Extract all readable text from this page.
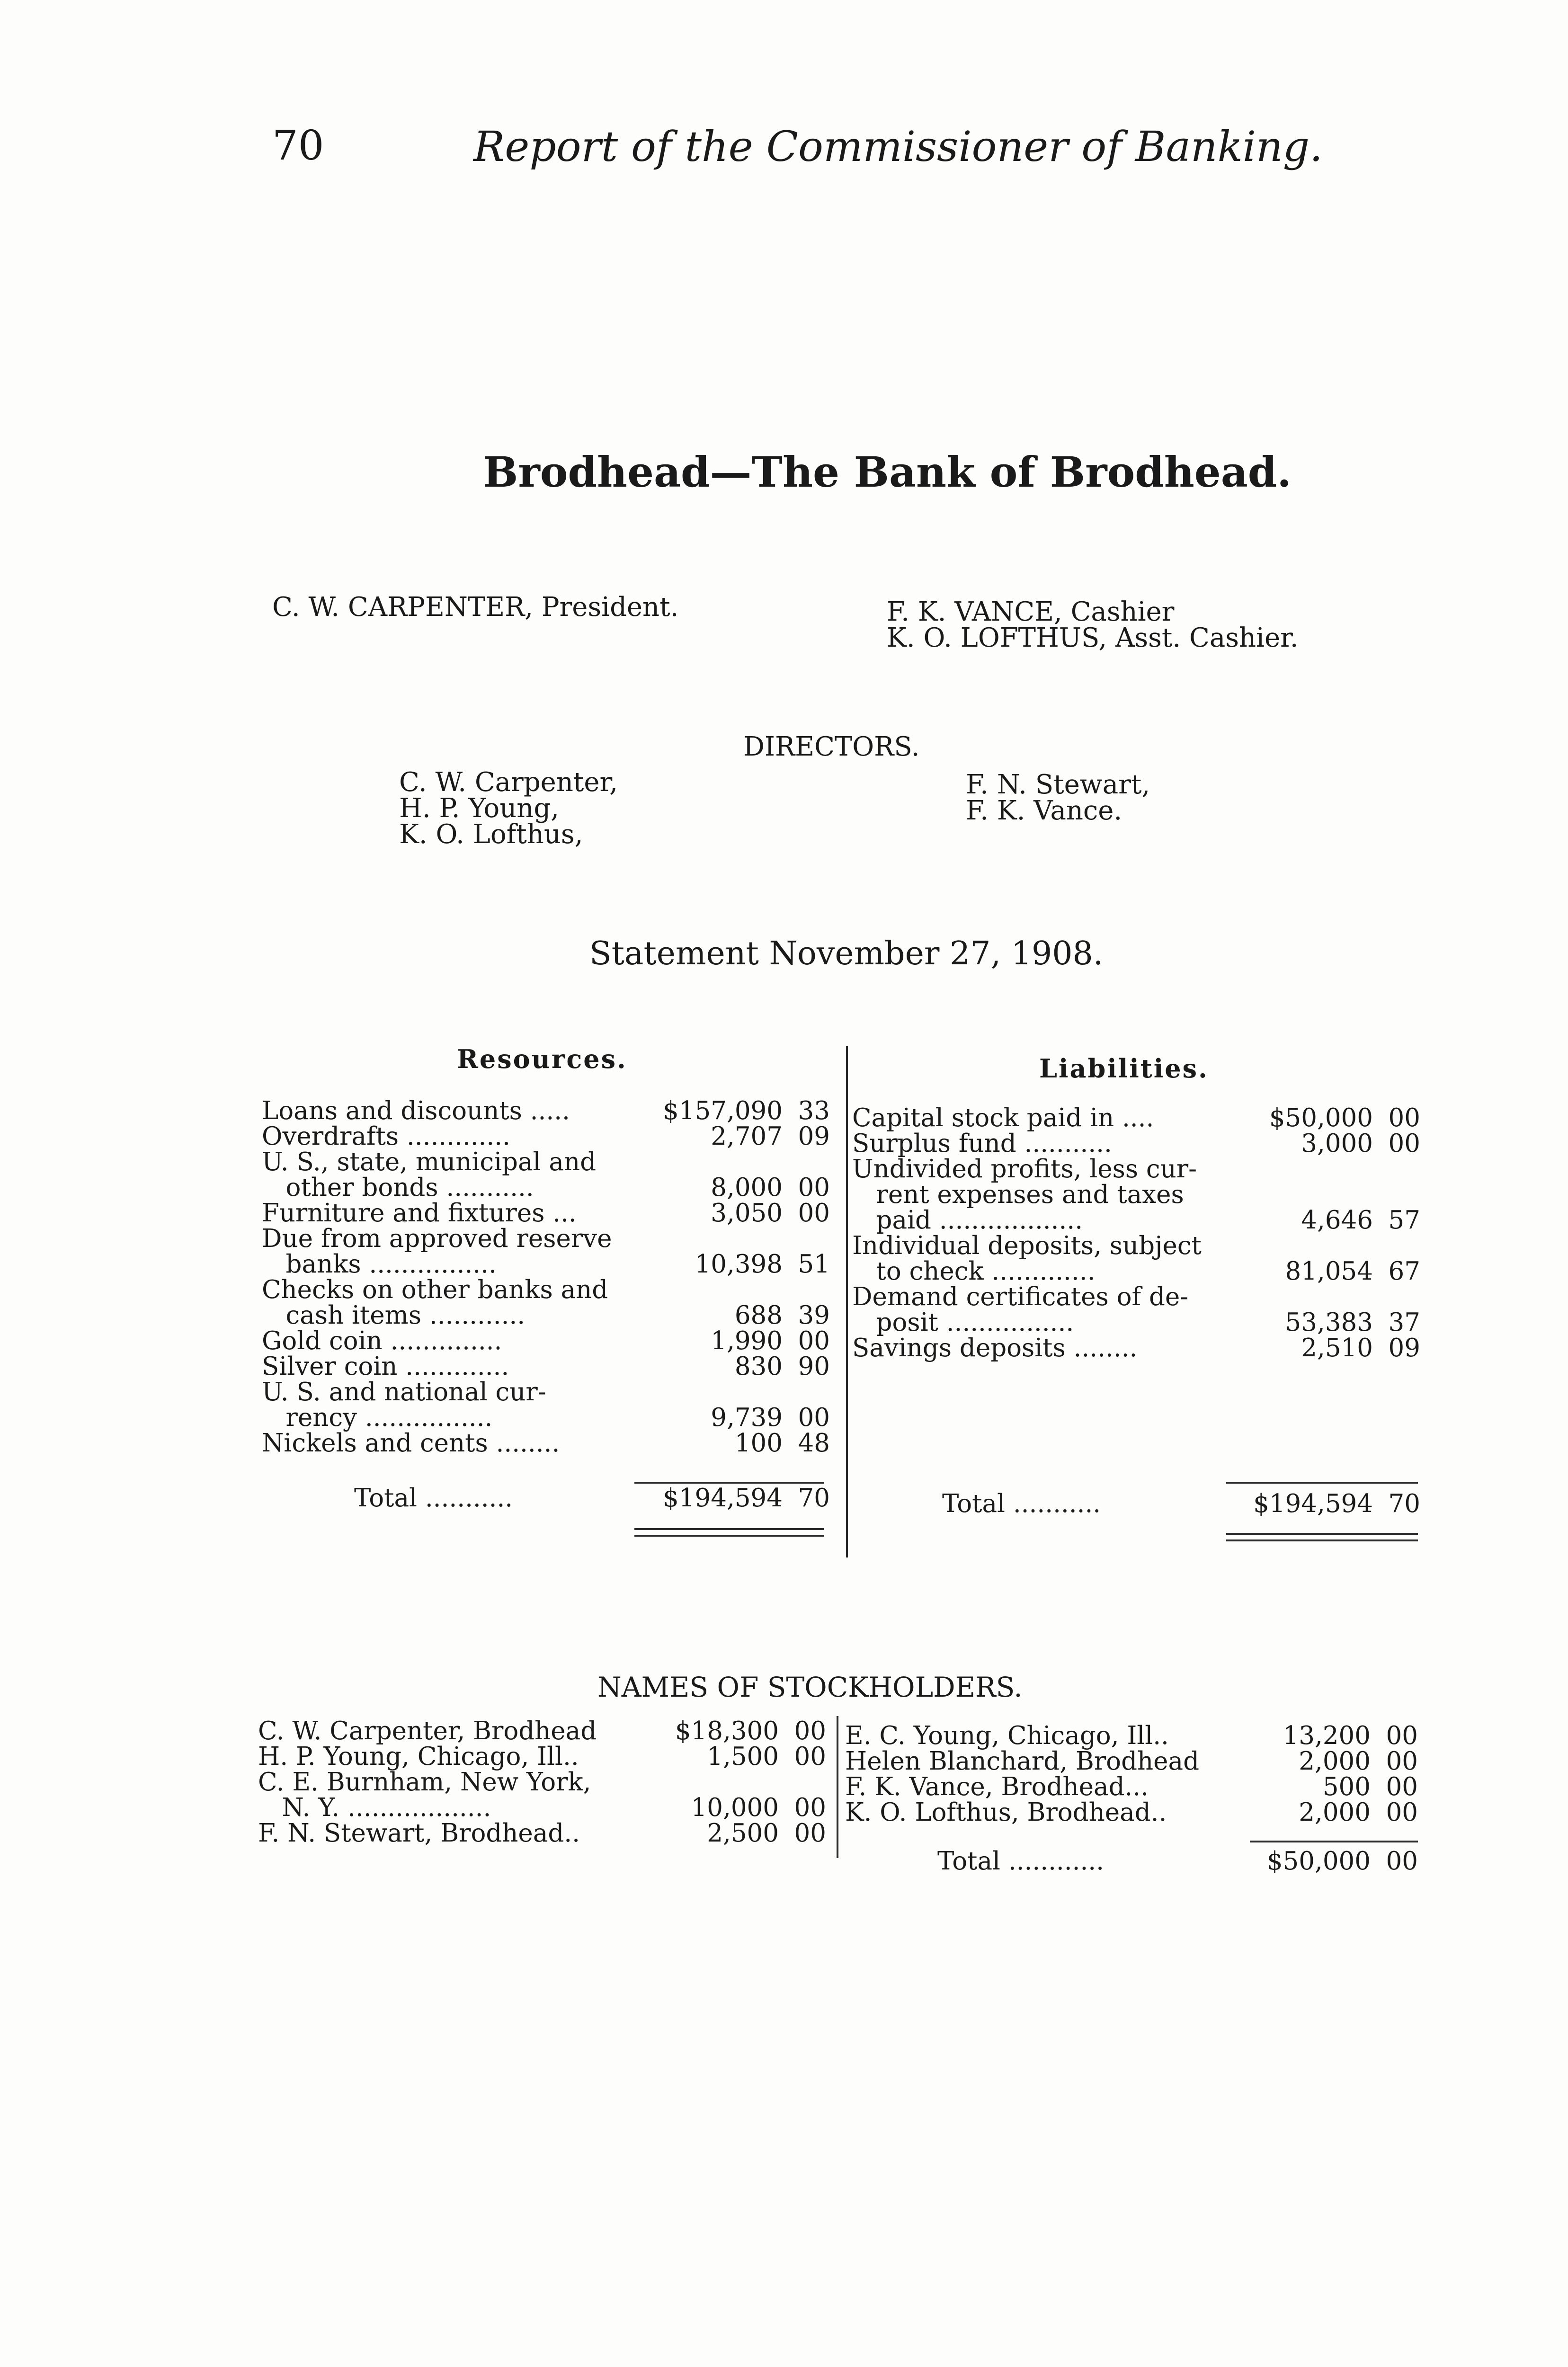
70	Report of the Commissioner of Banking.
Brodhead—The Bank of Brodhead.
C. W. CARPENTER, President.	F. K. VANCE, Cashier
K. O. LOFTHUS, Asst. Cashier.
DIRECTORS.
C. W. Carpenter,
H. P. Young,
K. O. Lofthus,
F. N. Stewart,
F. K. Vance.
Statement November 27, 1908.
Resources.	Liabilities.
Loans and discounts .....	$157,090 33
Overdrafts .............	2,707 09
U. S., state, municipal and
other bonds ...........	8,000 00
Furniture and fixtures ...	3,050 00
Due from approved reserve
banks ................	10,398 51
Checks on other banks and
cash items ............	688 39
Gold coin ..............	1,990 00
Silver coin .............	830 90
U. S. and national cur-
rency ................	9,739 00
Nickels and cents ........	100 48
Total ...........	$194,594 70
Capital stock paid in ....	$50,000 00
Surplus fund ...........	3,000 00
Undivided profits, less cur-
rent expenses and taxes
paid ..................	4,646 57
Individual deposits, subject
to check .............	81,054 67
Demand certificates of de-
posit ................	53,383 37
Savings deposits ........	2,510 09
Total ...........	$194,594 70
NAMES OF STOCKHOLDERS.
C. W. Carpenter, Brodhead	$18,300 00
H. P. Young, Chicago, Ill..	1,500 00
C. E. Burnham, New York,
N. Y. ..................	10,000 00
F. N. Stewart, Brodhead..	2,500 00
E. C. Young, Chicago, Ill..	13,200 00
Helen Blanchard, Brodhead	2,000 00
F. K. Vance, Brodhead...	500 00
K. O. Lofthus, Brodhead..	2,000 00
Total ............	$50,000 00
